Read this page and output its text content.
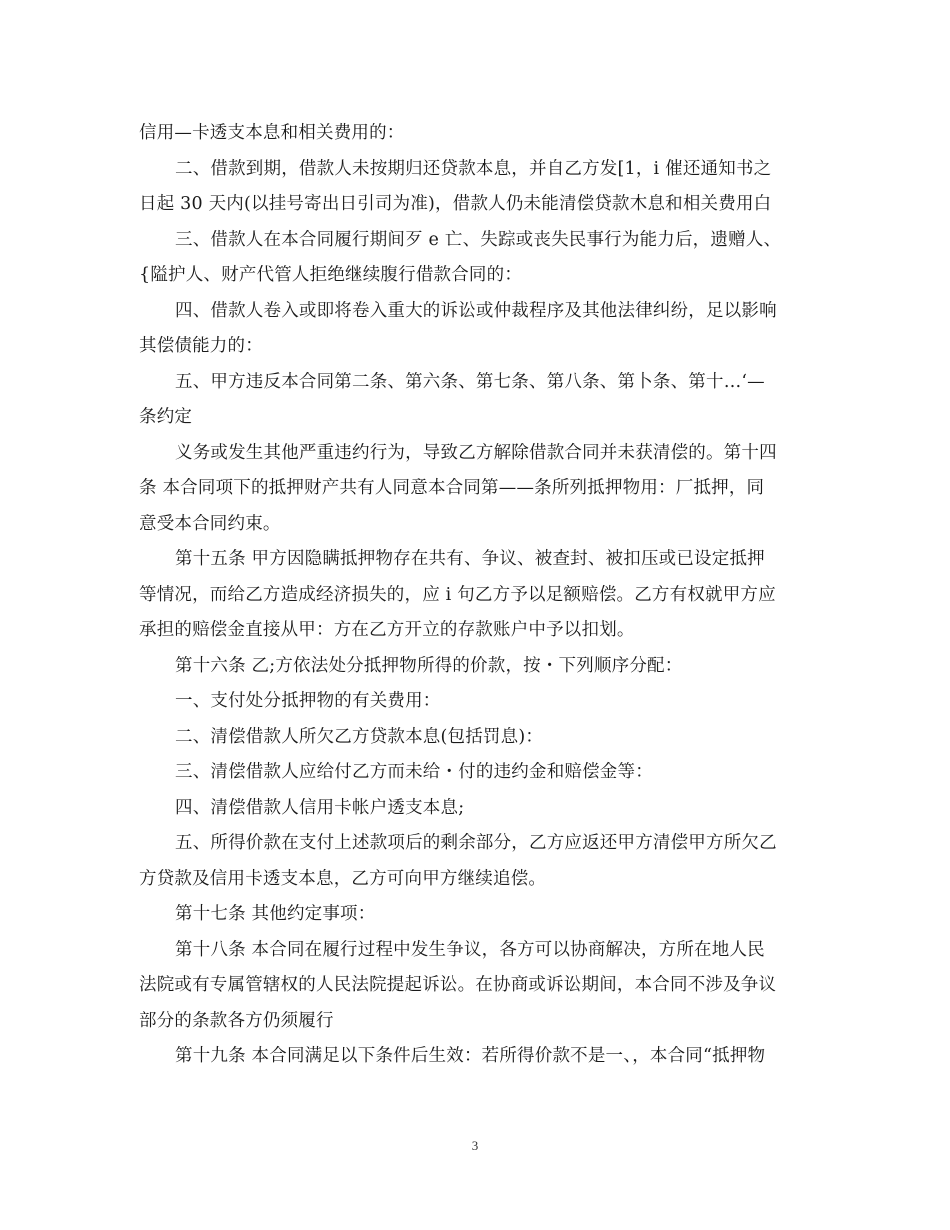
信用—卡透支本息和相关费用的：
二、借款到期，借款人未按期归还贷款本息，并自乙方发[1，i 催还通知书之
日起 30 天内(以挂号寄出日引司为准)，借款人仍未能清偿贷款木息和相关费用白
三、借款人在本合同履行期间歹 e 亡、失踪或丧失民事行为能力后，遗赠人、
{隘护人、财产代管人拒绝继续腹行借款合同的：
四、借款人卷入或即将卷入重大的诉讼或仲裁程序及其他法律纠纷，足以影响
其偿债能力的：
五、甲方违反本合同第二条、第六条、第七条、第八条、第卜条、第十…‘—
条约定
义务或发生其他严重违约行为，导致乙方解除借款合同并未获清偿的。第十四
条 本合同项下的抵押财产共有人同意本合同第——条所列抵押物用：厂抵押，同
意受本合同约束。
第十五条 甲方因隐瞒抵押物存在共有、争议、被查封、被扣压或已设定抵押
等情况，而给乙方造成经济损失的，应 i 句乙方予以足额赔偿。乙方有权就甲方应
承担的赔偿金直接从甲：方在乙方开立的存款账户中予以扣划。
第十六条 乙;方依法处分抵押物所得的价款，按・下列顺序分配：
一、支付处分抵押物的有关费用：
二、清偿借款人所欠乙方贷款本息(包括罚息)：
三、清偿借款人应给付乙方而未给・付的违约金和赔偿金等：
四、清偿借款人信用卡帐户透支本息;
五、所得价款在支付上述款项后的剩余部分，乙方应返还甲方清偿甲方所欠乙
方贷款及信用卡透支本息，乙方可向甲方继续追偿。
第十七条 其他约定事项：
第十八条 本合同在履行过程中发生争议，各方可以协商解决，方所在地人民
法院或有专属管辖权的人民法院提起诉讼。在协商或诉讼期间，本合同不涉及争议
部分的条款各方仍须履行
第十九条 本合同满足以下条件后生效：若所得价款不是一、，本合同“抵押物
3
